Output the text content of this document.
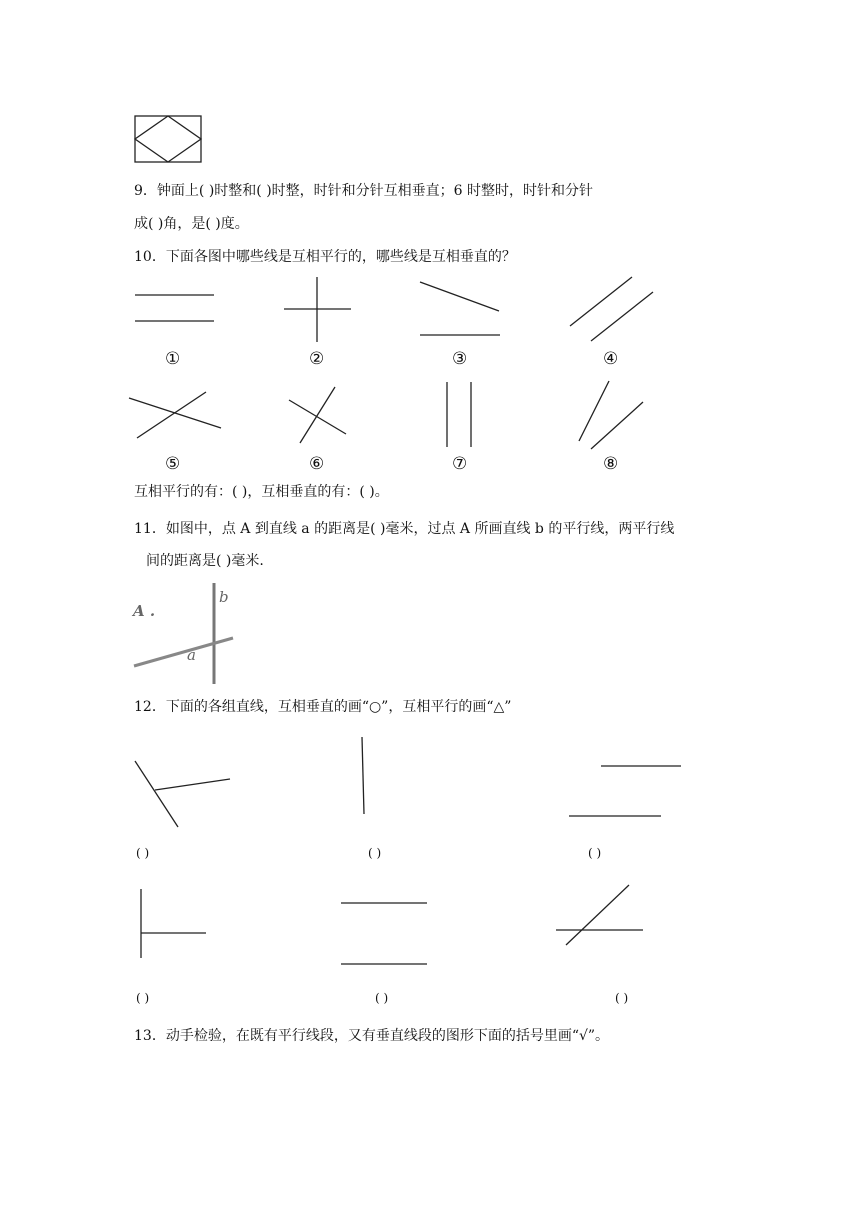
9．钟面上( )时整和( )时整，时针和分针互相垂直；6 时整时，时针和分针
成( )角，是( )度。
10．下面各图中哪些线是互相平行的，哪些线是互相垂直的？
①	②	③	④
⑤	⑥	⑦	⑧
互相平行的有：( )，互相垂直的有：( )。
11．如图中，点 A 到直线 a 的距离是( )毫米，过点 A 所画直线 b 的平行线，两平行线
间的距离是( )毫米.
A .
b
a
12．下面的各组直线，互相垂直的画“○”，互相平行的画“△”
( )	( )	( )
( )	( )	( )
13．动手检验，在既有平行线段，又有垂直线段的图形下面的括号里画“√”。
